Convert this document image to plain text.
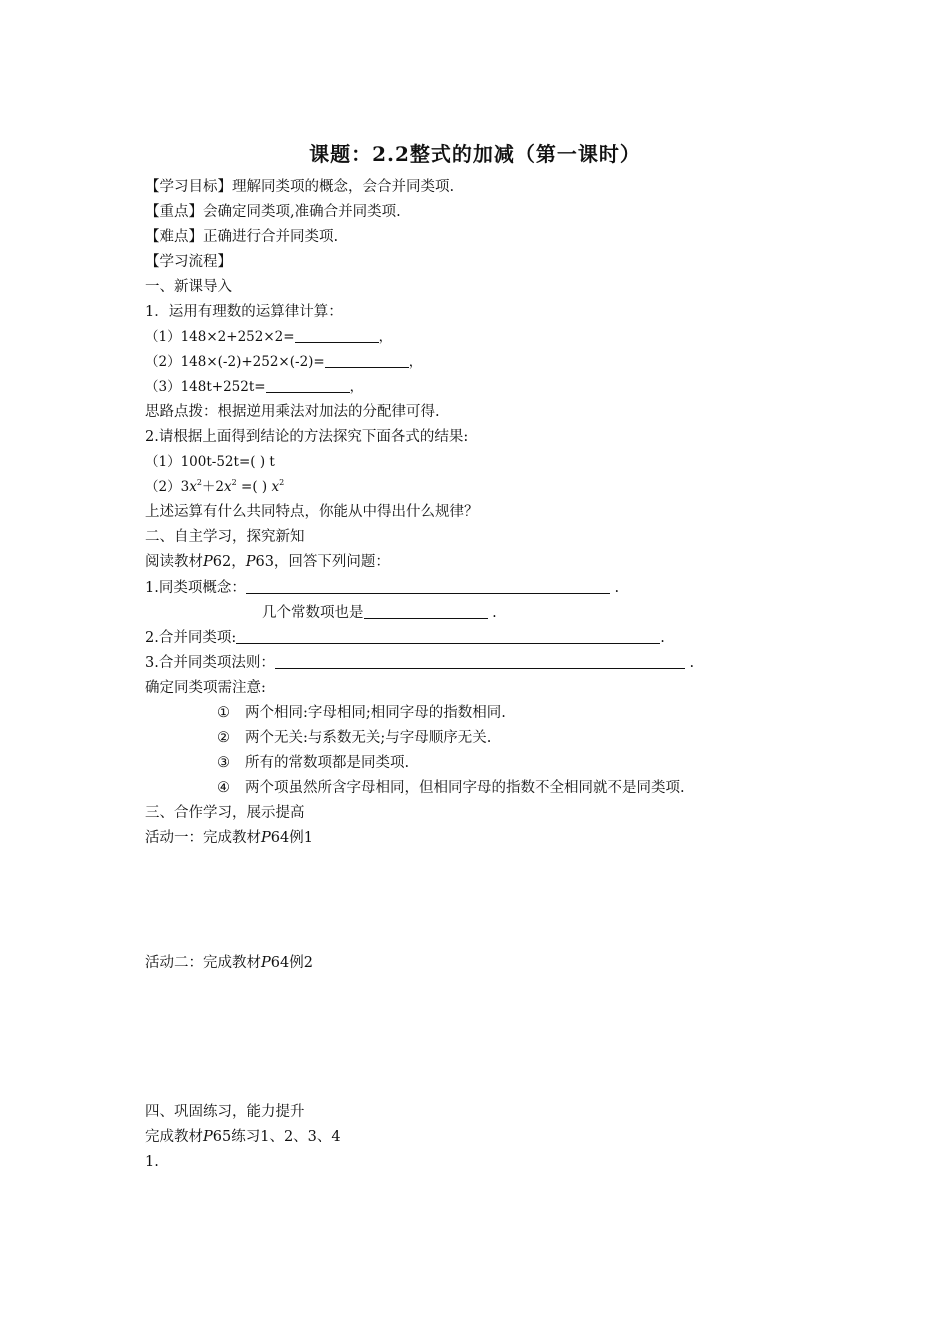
课题：2.2整式的加减（第一课时）
【学习目标】理解同类项的概念，会合并同类项.
【重点】会确定同类项,准确合并同类项.
【难点】正确进行合并同类项.
【学习流程】
一、新课导入
1．运用有理数的运算律计算：
（1）148×2+252×2=	，
（2）148×(-2)+252×(-2)=	，
（3）148t+252t=	，
思路点拨：根据逆用乘法对加法的分配律可得.
2.请根据上面得到结论的方法探究下面各式的结果:
（1）100t-52t=( ) t
$(2)3x^2+2x^2$ =( ) $x^2$
上述运算有什么共同特点，你能从中得出什么规律？
二、自主学习，探究新知
阅读教材P62，P63，回答下列问题：
1.同类项概念：	.
几个常数项也是	.
2.合并同类项:	.
3.合并同类项法则：	.
确定同类项需注意:
① 两个相同:字母相同;相同字母的指数相同.
② 两个无关:与系数无关;与字母顺序无关.
③ 所有的常数项都是同类项.
④ 两个项虽然所含字母相同，但相同字母的指数不全相同就不是同类项.
三、合作学习，展示提高
活动一：完成教材P64例1
活动二：完成教材P64例2
四、巩固练习，能力提升
完成教材P65练习1、2、3、4
1.
